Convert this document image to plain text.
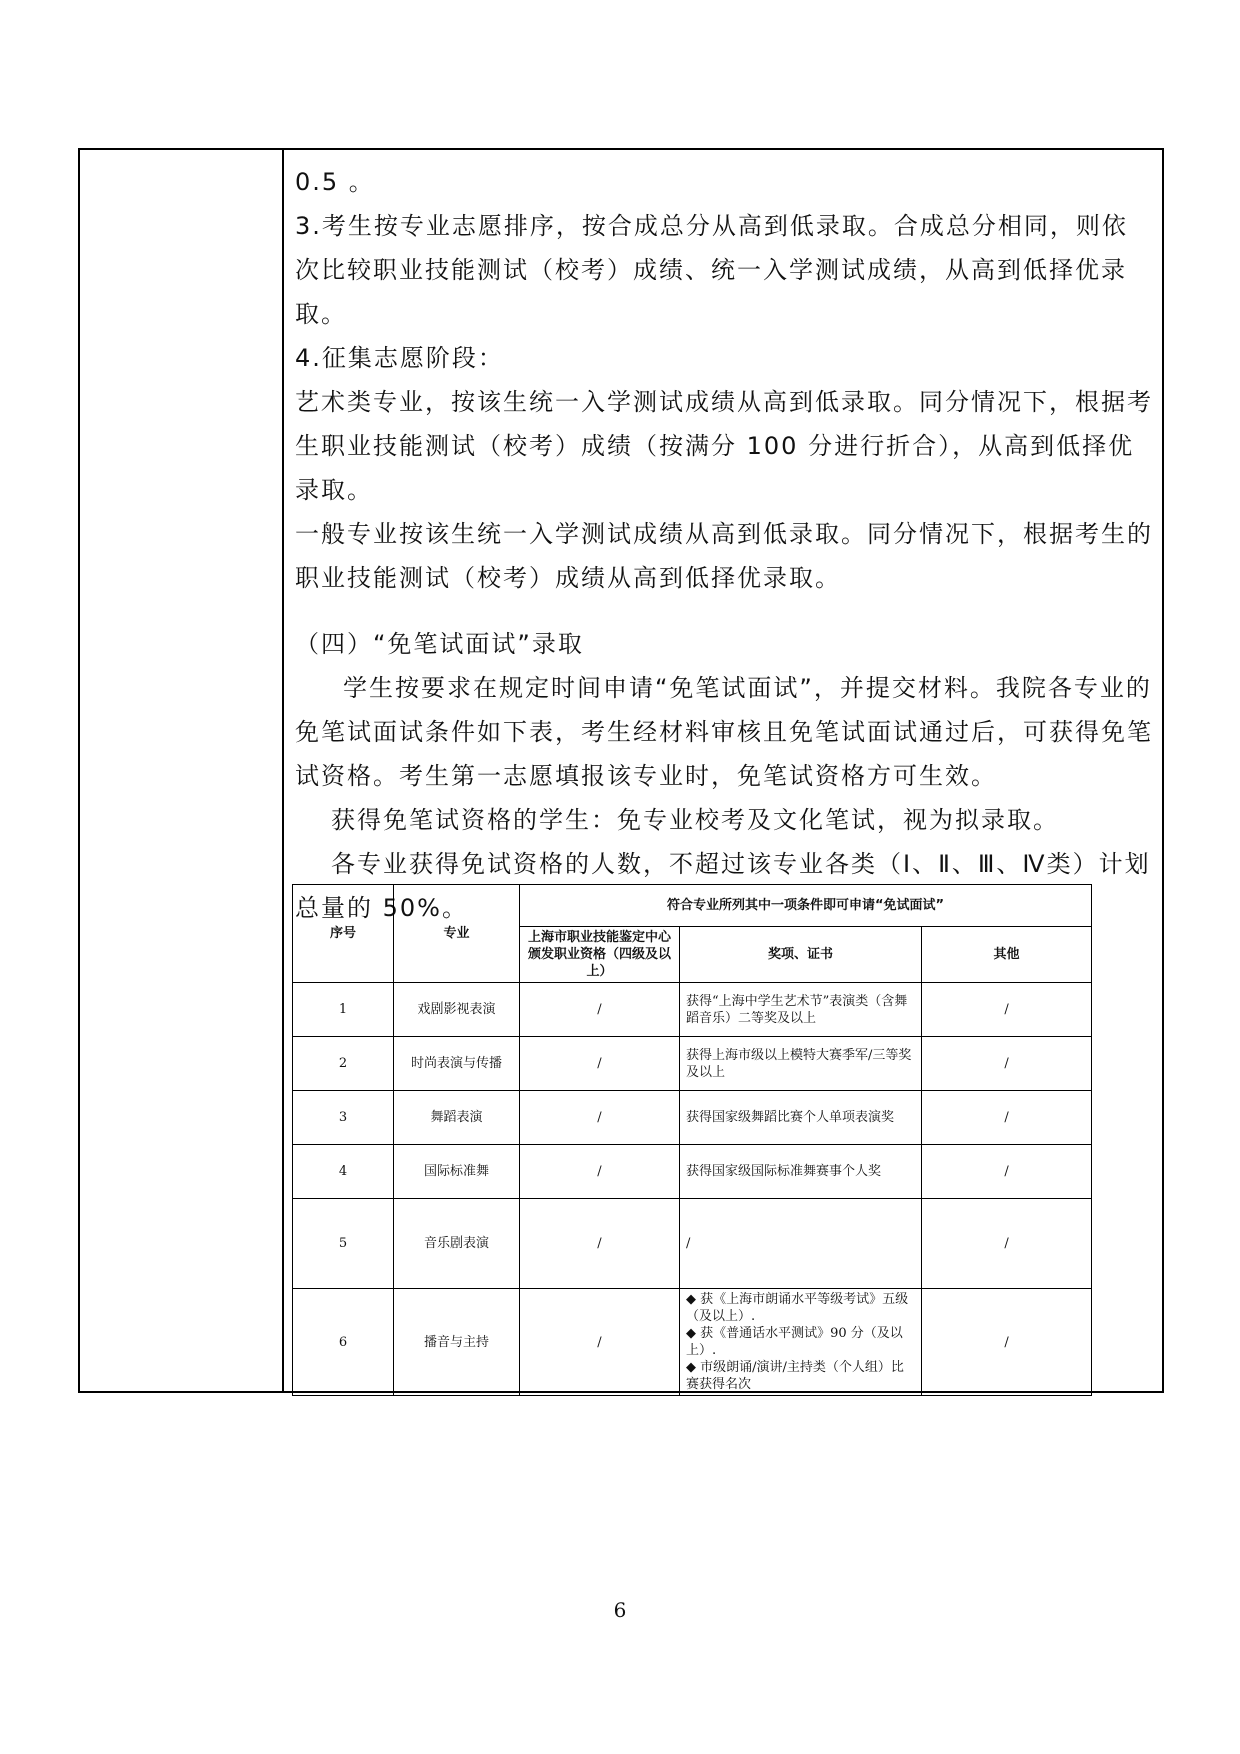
0.5 。

3.考生按专业志愿排序，按合成总分从高到低录取。合成总分相同，则依次比较职业技能测试（校考）成绩、统一入学测试成绩，从高到低择优录取。

4.征集志愿阶段：

艺术类专业，按该生统一入学测试成绩从高到低录取。同分情况下，根据考生职业技能测试（校考）成绩（按满分 100 分进行折合），从高到低择优录取。

一般专业按该生统一入学测试成绩从高到低录取。同分情况下，根据考生的职业技能测试（校考）成绩从高到低择优录取。

（四）“免笔试面试”录取

学生按要求在规定时间申请“免笔试面试”，并提交材料。我院各专业的免笔试面试条件如下表，考生经材料审核且免笔试面试通过后，可获得免笔试资格。考生第一志愿填报该专业时，免笔试资格方可生效。

获得免笔试资格的学生：免专业校考及文化笔试，视为拟录取。

各专业获得免试资格的人数，不超过该专业各类（Ⅰ、Ⅱ、Ⅲ、Ⅳ类）计划总量的 50%。

序号	专业	符合专业所列其中一项条件即可申请“免试面试”		
		上海市职业技能鉴定中心颁发职业资格（四级及以上）	奖项、证书	其他
1	戏剧影视表演	/	获得“上海中学生艺术节”表演类（含舞蹈音乐）二等奖及以上	/
2	时尚表演与传播	/	获得上海市级以上模特大赛季军/三等奖及以上	/
3	舞蹈表演	/	获得国家级舞蹈比赛个人单项表演奖	/
4	国际标准舞	/	获得国家级国际标准舞赛事个人奖	/
5	音乐剧表演	/	/	/
6	播音与主持	/	◆ 获《上海市朗诵水平等级考试》五级（及以上）.
◆ 获《普通话水平测试》90 分（及以上）.
◆ 市级朗诵/演讲/主持类（个人组）比赛获得名次	/
6
